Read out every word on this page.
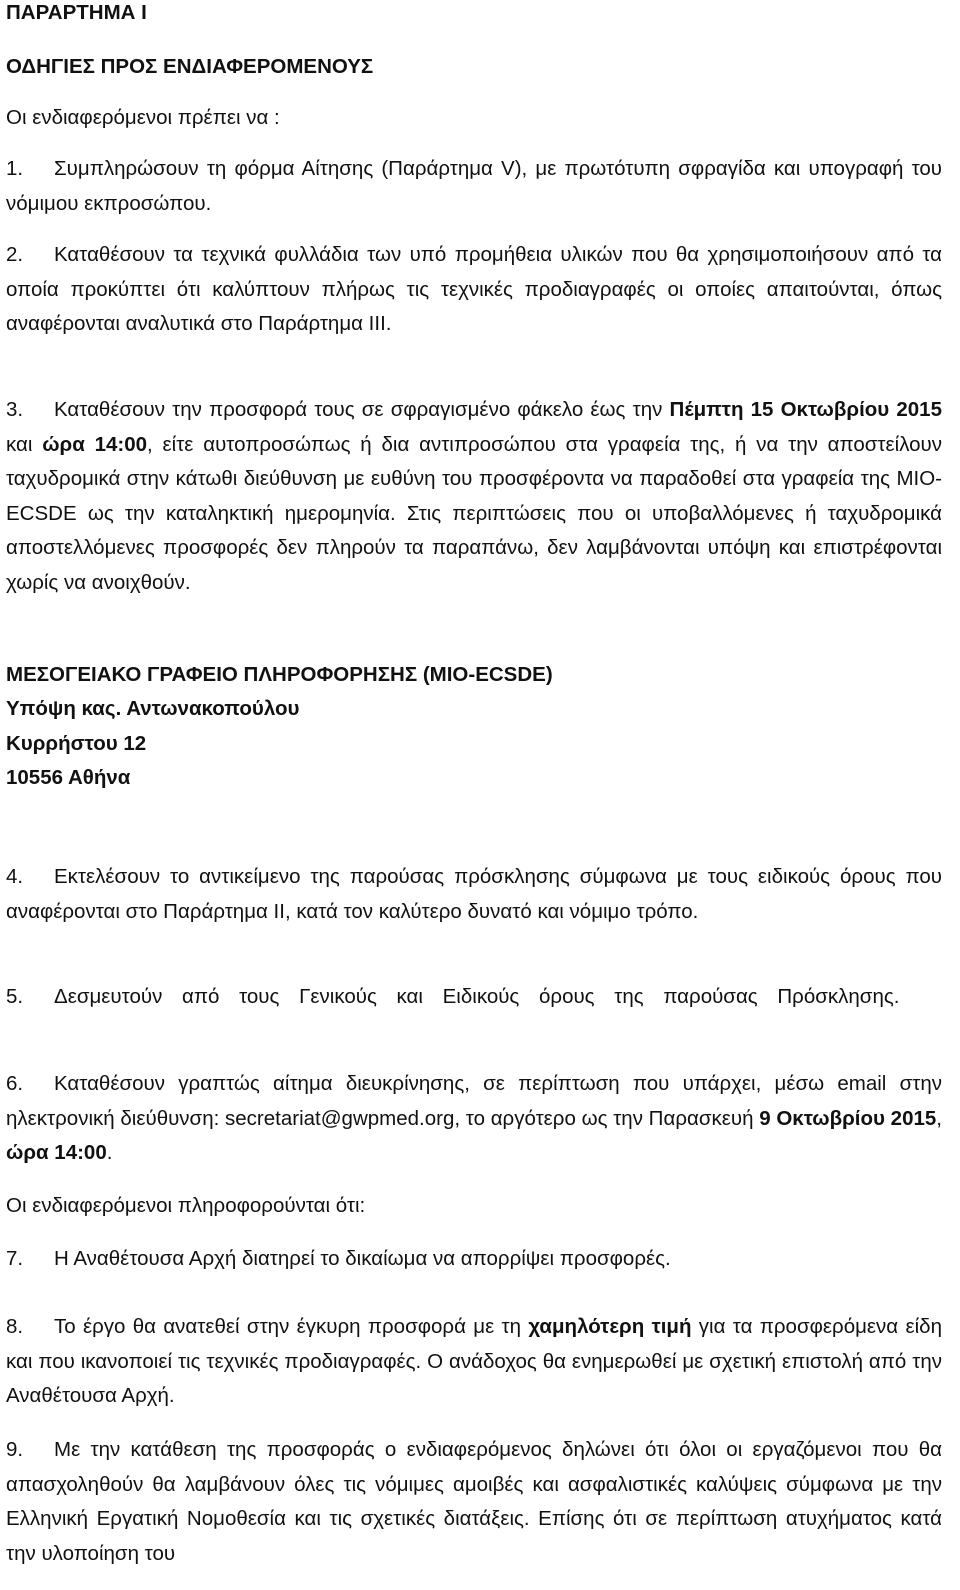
ΠΑΡΑΡΤΗΜΑ Ι

ΟΔΗΓΙΕΣ ΠΡΟΣ ΕΝΔΙΑΦΕΡΟΜΕΝΟΥΣ

Οι ενδιαφερόμενοι πρέπει να :

1. Συμπληρώσουν τη φόρμα Αίτησης (Παράρτημα V), με πρωτότυπη σφραγίδα και υπογραφή του νόμιμου εκπροσώπου.

2. Καταθέσουν τα τεχνικά φυλλάδια των υπό προμήθεια υλικών που θα χρησιμοποιήσουν από τα οποία προκύπτει ότι καλύπτουν πλήρως τις τεχνικές προδιαγραφές οι οποίες απαιτούνται, όπως αναφέρονται αναλυτικά στο Παράρτημα ΙΙΙ.

3. Καταθέσουν την προσφορά τους σε σφραγισμένο φάκελο έως την Πέμπτη 15 Οκτωβρίου 2015 και ώρα 14:00, είτε αυτοπροσώπως ή δια αντιπροσώπου στα γραφεία της, ή να την αποστείλουν ταχυδρομικά στην κάτωθι διεύθυνση με ευθύνη του προσφέροντα να παραδοθεί στα γραφεία της MIO-ECSDE ως την καταληκτική ημερομηνία. Στις περιπτώσεις που οι υποβαλλόμενες ή ταχυδρομικά αποστελλόμενες προσφορές δεν πληρούν τα παραπάνω, δεν λαμβάνονται υπόψη και επιστρέφονται χωρίς να ανοιχθούν.

ΜΕΣΟΓΕΙΑΚΟ ΓΡΑΦΕΙΟ ΠΛΗΡΟΦΟΡΗΣΗΣ (MIO-ECSDE)

Υπόψη κας. Αντωνακοπούλου

Κυρρήστου 12

10556 Αθήνα

4. Εκτελέσουν το αντικείμενο της παρούσας πρόσκλησης σύμφωνα με τους ειδικούς όρους που αναφέρονται στο Παράρτημα ΙΙ, κατά τον καλύτερο δυνατό και νόμιμο τρόπο.

5. Δεσμευτούν από τους Γενικούς και Ειδικούς όρους της παρούσας Πρόσκλησης.

6. Καταθέσουν γραπτώς αίτημα διευκρίνησης, σε περίπτωση που υπάρχει, μέσω email στην ηλεκτρονική διεύθυνση: secretariat@gwpmed.org, το αργότερο ως την Παρασκευή 9 Οκτωβρίου 2015, ώρα 14:00.

Οι ενδιαφερόμενοι πληροφορούνται ότι:

7. Η Αναθέτουσα Αρχή διατηρεί το δικαίωμα να απορρίψει προσφορές.

8. Το έργο θα ανατεθεί στην έγκυρη προσφορά με τη χαμηλότερη τιμή για τα προσφερόμενα είδη και που ικανοποιεί τις τεχνικές προδιαγραφές. Ο ανάδοχος θα ενημερωθεί με σχετική επιστολή από την Αναθέτουσα Αρχή.

9. Με την κατάθεση της προσφοράς ο ενδιαφερόμενος δηλώνει ότι όλοι οι εργαζόμενοι που θα απασχοληθούν θα λαμβάνουν όλες τις νόμιμες αμοιβές και ασφαλιστικές καλύψεις σύμφωνα με την Ελληνική Εργατική Νομοθεσία και τις σχετικές διατάξεις. Επίσης ότι σε περίπτωση ατυχήματος κατά την υλοποίηση του
